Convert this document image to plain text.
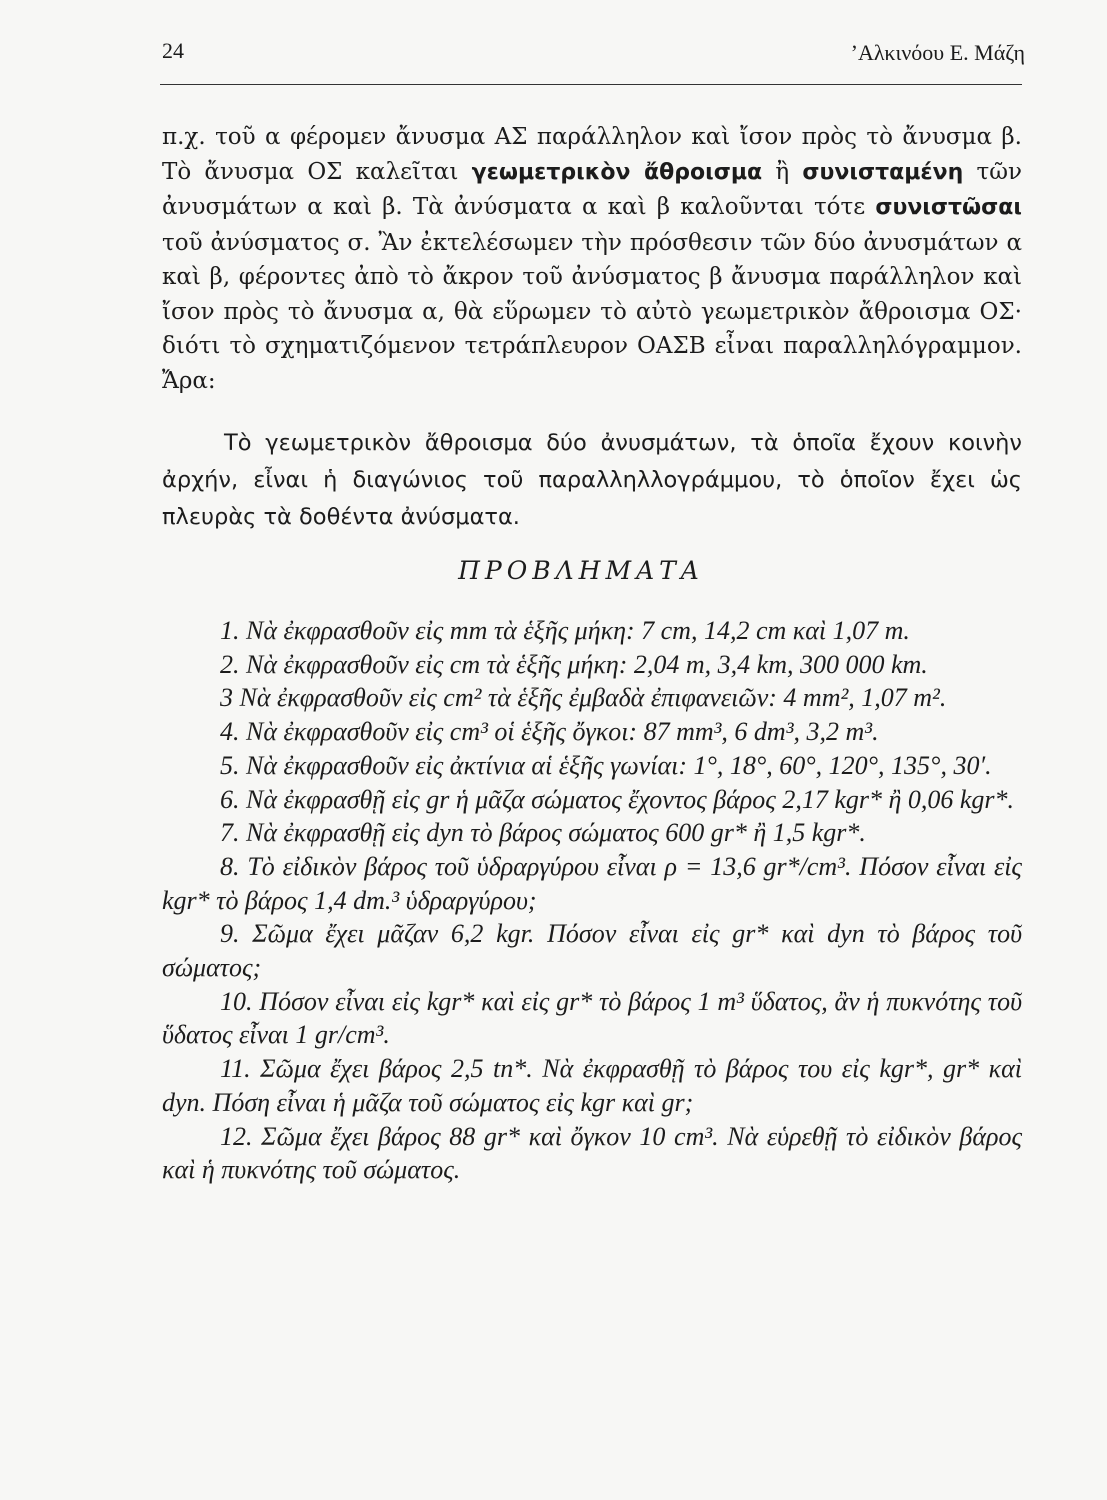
24	’Αλκινόου Ε. Μάζη

π.χ. τοῦ α φέρομεν ἄνυσμα ΑΣ παράλληλον καὶ ἴσον πρὸς τὸ ἄνυσμα β. Τὸ ἄνυσμα ΟΣ καλεῖται γεωμετρικὸν ἄθροισμα ἢ συνισταμένη τῶν ἀνυσμάτων α καὶ β. Τὰ ἀνύσματα α καὶ β καλοῦνται τότε συνιστῶσαι τοῦ ἀνύσματος σ. Ἂν ἐκτελέσωμεν τὴν πρόσθεσιν τῶν δύο ἀνυσμάτων α καὶ β, φέροντες ἀπὸ τὸ ἄκρον τοῦ ἀνύσματος β ἄνυσμα παράλληλον καὶ ἴσον πρὸς τὸ ἄνυσμα α, θὰ εὕρωμεν τὸ αὐτὸ γεωμετρικὸν ἄθροισμα ΟΣ· διότι τὸ σχηματιζόμενον τετράπλευρον ΟΑΣΒ εἶναι παραλληλόγραμμον. Ἄρα:

Τὸ γεωμετρικὸν ἄθροισμα δύο ἀνυσμάτων, τὰ ὁποῖα ἔχουν κοινὴν ἀρχήν, εἶναι ἡ διαγώνιος τοῦ παραλληλλογράμμου, τὸ ὁποῖον ἔχει ὡς πλευρὰς τὰ δοθέντα ἀνύσματα.

ΠΡΟΒΛΗΜΑΤΑ

1. Νὰ ἐκφρασθοῦν εἰς mm τὰ ἑξῆς μήκη: 7 cm, 14,2 cm καὶ 1,07 m.

2. Νὰ ἐκφρασθοῦν εἰς cm τὰ ἑξῆς μήκη: 2,04 m, 3,4 km, 300 000 km.

3 Νὰ ἐκφρασθοῦν εἰς cm² τὰ ἑξῆς ἐμβαδὰ ἐπιφανειῶν: 4 mm², 1,07 m².

4. Νὰ ἐκφρασθοῦν εἰς cm³ οἱ ἑξῆς ὄγκοι: 87 mm³, 6 dm³, 3,2 m³.

5. Νὰ ἐκφρασθοῦν εἰς ἀκτίνια αἱ ἑξῆς γωνίαι: 1°, 18°, 60°, 120°, 135°, 30′.

6. Νὰ ἐκφρασθῇ εἰς gr ἡ μᾶζα σώματος ἔχοντος βάρος 2,17 kgr* ἢ 0,06 kgr*.

7. Νὰ ἐκφρασθῇ εἰς dyn τὸ βάρος σώματος 600 gr* ἢ 1,5 kgr*.

8. Τὸ εἰδικὸν βάρος τοῦ ὑδραργύρου εἶναι ρ = 13,6 gr*/cm³. Πόσον εἶναι εἰς kgr* τὸ βάρος 1,4 dm.³ ὑδραργύρου;

9. Σῶμα ἔχει μᾶζαν 6,2 kgr. Πόσον εἶναι εἰς gr* καὶ dyn τὸ βάρος τοῦ σώματος;

10. Πόσον εἶναι εἰς kgr* καὶ εἰς gr* τὸ βάρος 1 m³ ὕδατος, ἂν ἡ πυκνότης τοῦ ὕδατος εἶναι 1 gr/cm³.

11. Σῶμα ἔχει βάρος 2,5 tn*. Νὰ ἐκφρασθῇ τὸ βάρος του εἰς kgr*, gr* καὶ dyn. Πόση εἶναι ἡ μᾶζα τοῦ σώματος εἰς kgr καὶ gr;

12. Σῶμα ἔχει βάρος 88 gr* καὶ ὄγκον 10 cm³. Νὰ εὑρεθῇ τὸ εἰδικὸν βάρος καὶ ἡ πυκνότης τοῦ σώματος.
